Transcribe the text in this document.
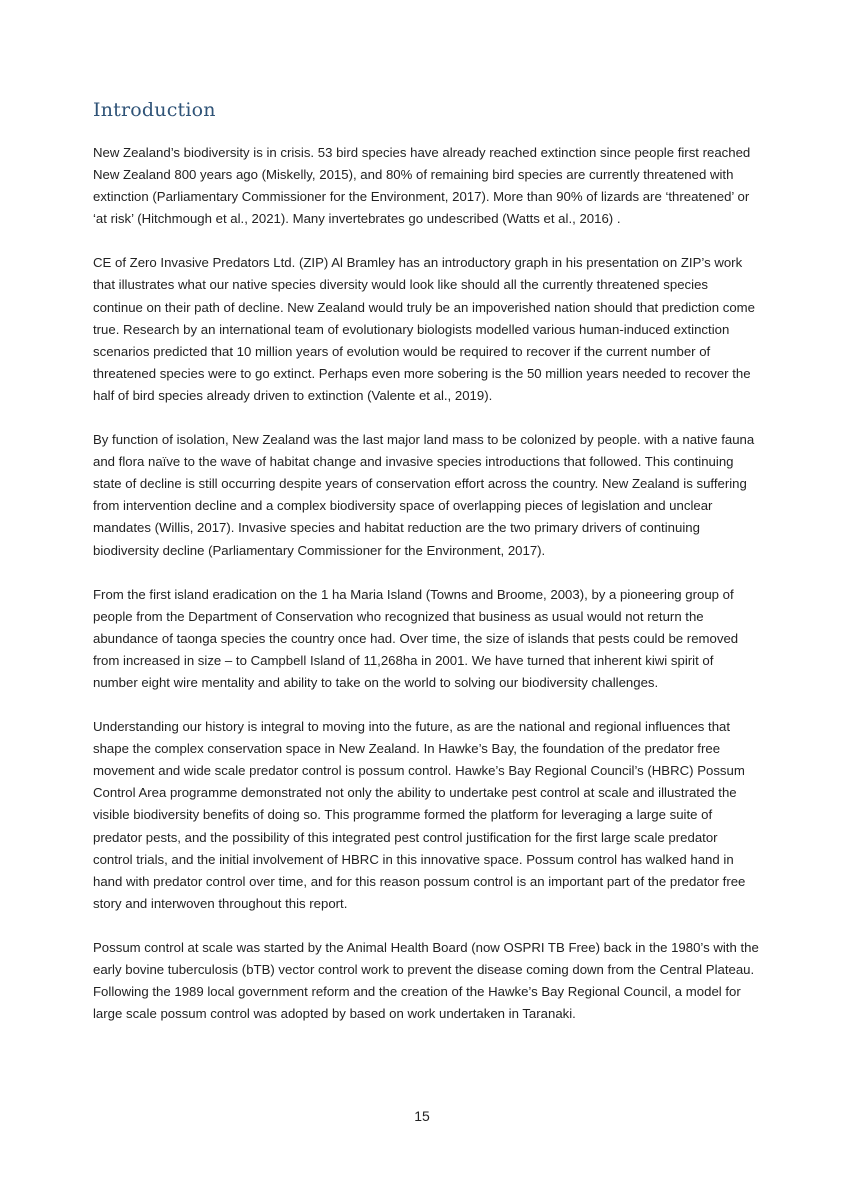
Introduction

New Zealand’s biodiversity is in crisis. 53 bird species have already reached extinction since people first reached New Zealand 800 years ago (Miskelly, 2015), and 80% of remaining bird species are currently threatened with extinction (Parliamentary Commissioner for the Environment, 2017). More than 90% of lizards are ‘threatened’ or ‘at risk’ (Hitchmough et al., 2021). Many invertebrates go undescribed (Watts et al., 2016) .

CE of Zero Invasive Predators Ltd. (ZIP) Al Bramley has an introductory graph in his presentation on ZIP’s work that illustrates what our native species diversity would look like should all the currently threatened species continue on their path of decline. New Zealand would truly be an impoverished nation should that prediction come true. Research by an international team of evolutionary biologists modelled various human-induced extinction scenarios predicted that 10 million years of evolution would be required to recover if the current number of threatened species were to go extinct. Perhaps even more sobering is the 50 million years needed to recover the half of bird species already driven to extinction (Valente et al., 2019).

By function of isolation, New Zealand was the last major land mass to be colonized by people. with a native fauna and flora naïve to the wave of habitat change and invasive species introductions that followed. This continuing state of decline is still occurring despite years of conservation effort across the country. New Zealand is suffering from intervention decline and a complex biodiversity space of overlapping pieces of legislation and unclear mandates (Willis, 2017). Invasive species and habitat reduction are the two primary drivers of continuing biodiversity decline (Parliamentary Commissioner for the Environment, 2017).

From the first island eradication on the 1 ha Maria Island (Towns and Broome, 2003), by a pioneering group of people from the Department of Conservation who recognized that business as usual would not return the abundance of taonga species the country once had. Over time, the size of islands that pests could be removed from increased in size – to Campbell Island of 11,268ha in 2001. We have turned that inherent kiwi spirit of number eight wire mentality and ability to take on the world to solving our biodiversity challenges.

Understanding our history is integral to moving into the future, as are the national and regional influences that shape the complex conservation space in New Zealand. In Hawke’s Bay, the foundation of the predator free movement and wide scale predator control is possum control. Hawke’s Bay Regional Council’s (HBRC) Possum Control Area programme demonstrated not only the ability to undertake pest control at scale and illustrated the visible biodiversity benefits of doing so. This programme formed the platform for leveraging a large suite of predator pests, and the possibility of this integrated pest control justification for the first large scale predator control trials, and the initial involvement of HBRC in this innovative space. Possum control has walked hand in hand with predator control over time, and for this reason possum control is an important part of the predator free story and interwoven throughout this report.

Possum control at scale was started by the Animal Health Board (now OSPRI TB Free) back in the 1980’s with the early bovine tuberculosis (bTB) vector control work to prevent the disease coming down from the Central Plateau. Following the 1989 local government reform and the creation of the Hawke’s Bay Regional Council, a model for large scale possum control was adopted by based on work undertaken in Taranaki.

15
